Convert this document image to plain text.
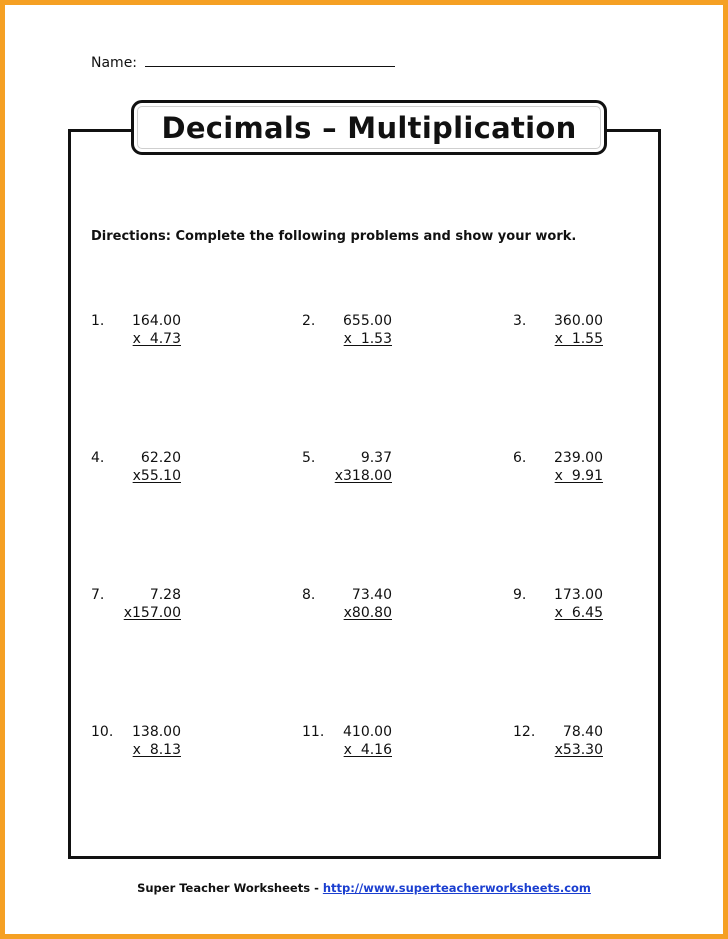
Name:
Decimals – Multiplication
Directions: Complete the following problems and show your work.
1. 164.00
x  4.73
2. 655.00
x  1.53
3. 360.00
x  1.55
4.	62.20
x55.10
5.	9.37
x318.00
6. 239.00
x  9.91
7.	7.28
x157.00
8.	73.40
x80.80
9. 173.00
x  6.45
10. 138.00
x  8.13
11. 410.00
x  4.16
12. 78.40
x53.30
Super Teacher Worksheets - http://www.superteacherworksheets.com
